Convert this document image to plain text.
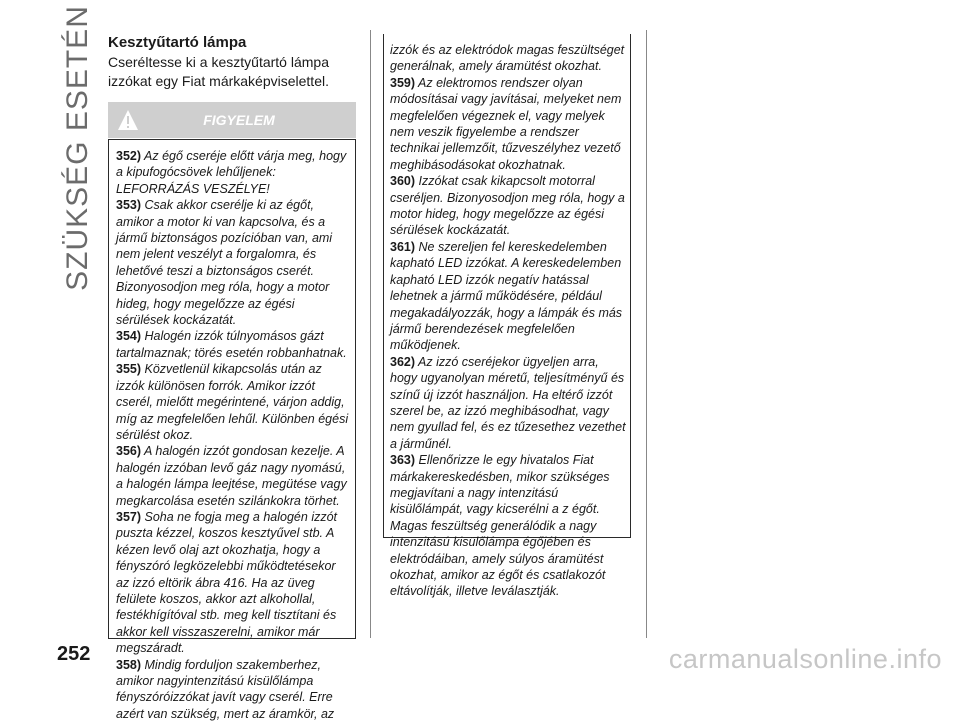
SZÜKSÉG ESETÉN Kesztyűtartó lámpa

Cseréltesse ki a kesztyűtartó lámpa izzókat egy Fiat márkaképviselettel.

FIGYELEM

352) Az égő cseréje előtt várja meg, hogy a kipufogócsövek lehűljenek: LEFORRÁZÁS VESZÉLYE!

353) Csak akkor cserélje ki az égőt, amikor a motor ki van kapcsolva, és a jármű biztonságos pozícióban van, ami nem jelent veszélyt a forgalomra, és lehetővé teszi a biztonságos cserét. Bizonyosodjon meg róla, hogy a motor hideg, hogy megelőzze az égési sérülések kockázatát.

354) Halogén izzók túlnyomásos gázt tartalmaznak; törés esetén robbanhatnak.

355) Közvetlenül kikapcsolás után az izzók különösen forrók. Amikor izzót cserél, mielőtt megérintené, várjon addig, míg az megfelelően lehűl. Különben égési sérülést okoz.

356) A halogén izzót gondosan kezelje. A halogén izzóban levő gáz nagy nyomású, a halogén lámpa leejtése, megütése vagy megkarcolása esetén szilánkokra törhet.

357) Soha ne fogja meg a halogén izzót puszta kézzel, koszos kesztyűvel stb. A kézen levő olaj azt okozhatja, hogy a fényszóró legközelebbi működtetésekor az izzó eltörik ábra 416. Ha az üveg felülete koszos, akkor azt alkohollal, festékhígítóval stb. meg kell tisztítani és akkor kell visszaszerelni, amikor már megszáradt.

358) Mindig forduljon szakemberhez, amikor nagyintenzitású kisülőlámpa fényszóróizzókat javít vagy cserél. Erre azért van szükség, mert az áramkör, az

izzók és az elektródok magas feszültséget generálnak, amely áramütést okozhat.

359) Az elektromos rendszer olyan módosításai vagy javításai, melyeket nem megfelelően végeznek el, vagy melyek nem veszik figyelembe a rendszer technikai jellemzőit, tűzveszélyhez vezető meghibásodásokat okozhatnak.

360) Izzókat csak kikapcsolt motorral cseréljen. Bizonyosodjon meg róla, hogy a motor hideg, hogy megelőzze az égési sérülések kockázatát.

361) Ne szereljen fel kereskedelemben kapható LED izzókat. A kereskedelemben kapható LED izzók negatív hatással lehetnek a jármű működésére, például megakadályozzák, hogy a lámpák és más jármű berendezések megfelelően működjenek.

362) Az izzó cseréjekor ügyeljen arra, hogy ugyanolyan méretű, teljesítményű és színű új izzót használjon. Ha eltérő izzót szerel be, az izzó meghibásodhat, vagy nem gyullad fel, és ez tűzesethez vezethet a járműnél.

363) Ellenőrizze le egy hivatalos Fiat márkakereskedésben, mikor szükséges megjavítani a nagy intenzitású kisülőlámpát, vagy kicserélni a z égőt. Magas feszültség generálódik a nagy intenzitású kisülőlámpa égőjében és elektródáiban, amely súlyos áramütést okozhat, amikor az égőt és csatlakozót eltávolítják, illetve leválasztják.

252	carmanualsonline.info
